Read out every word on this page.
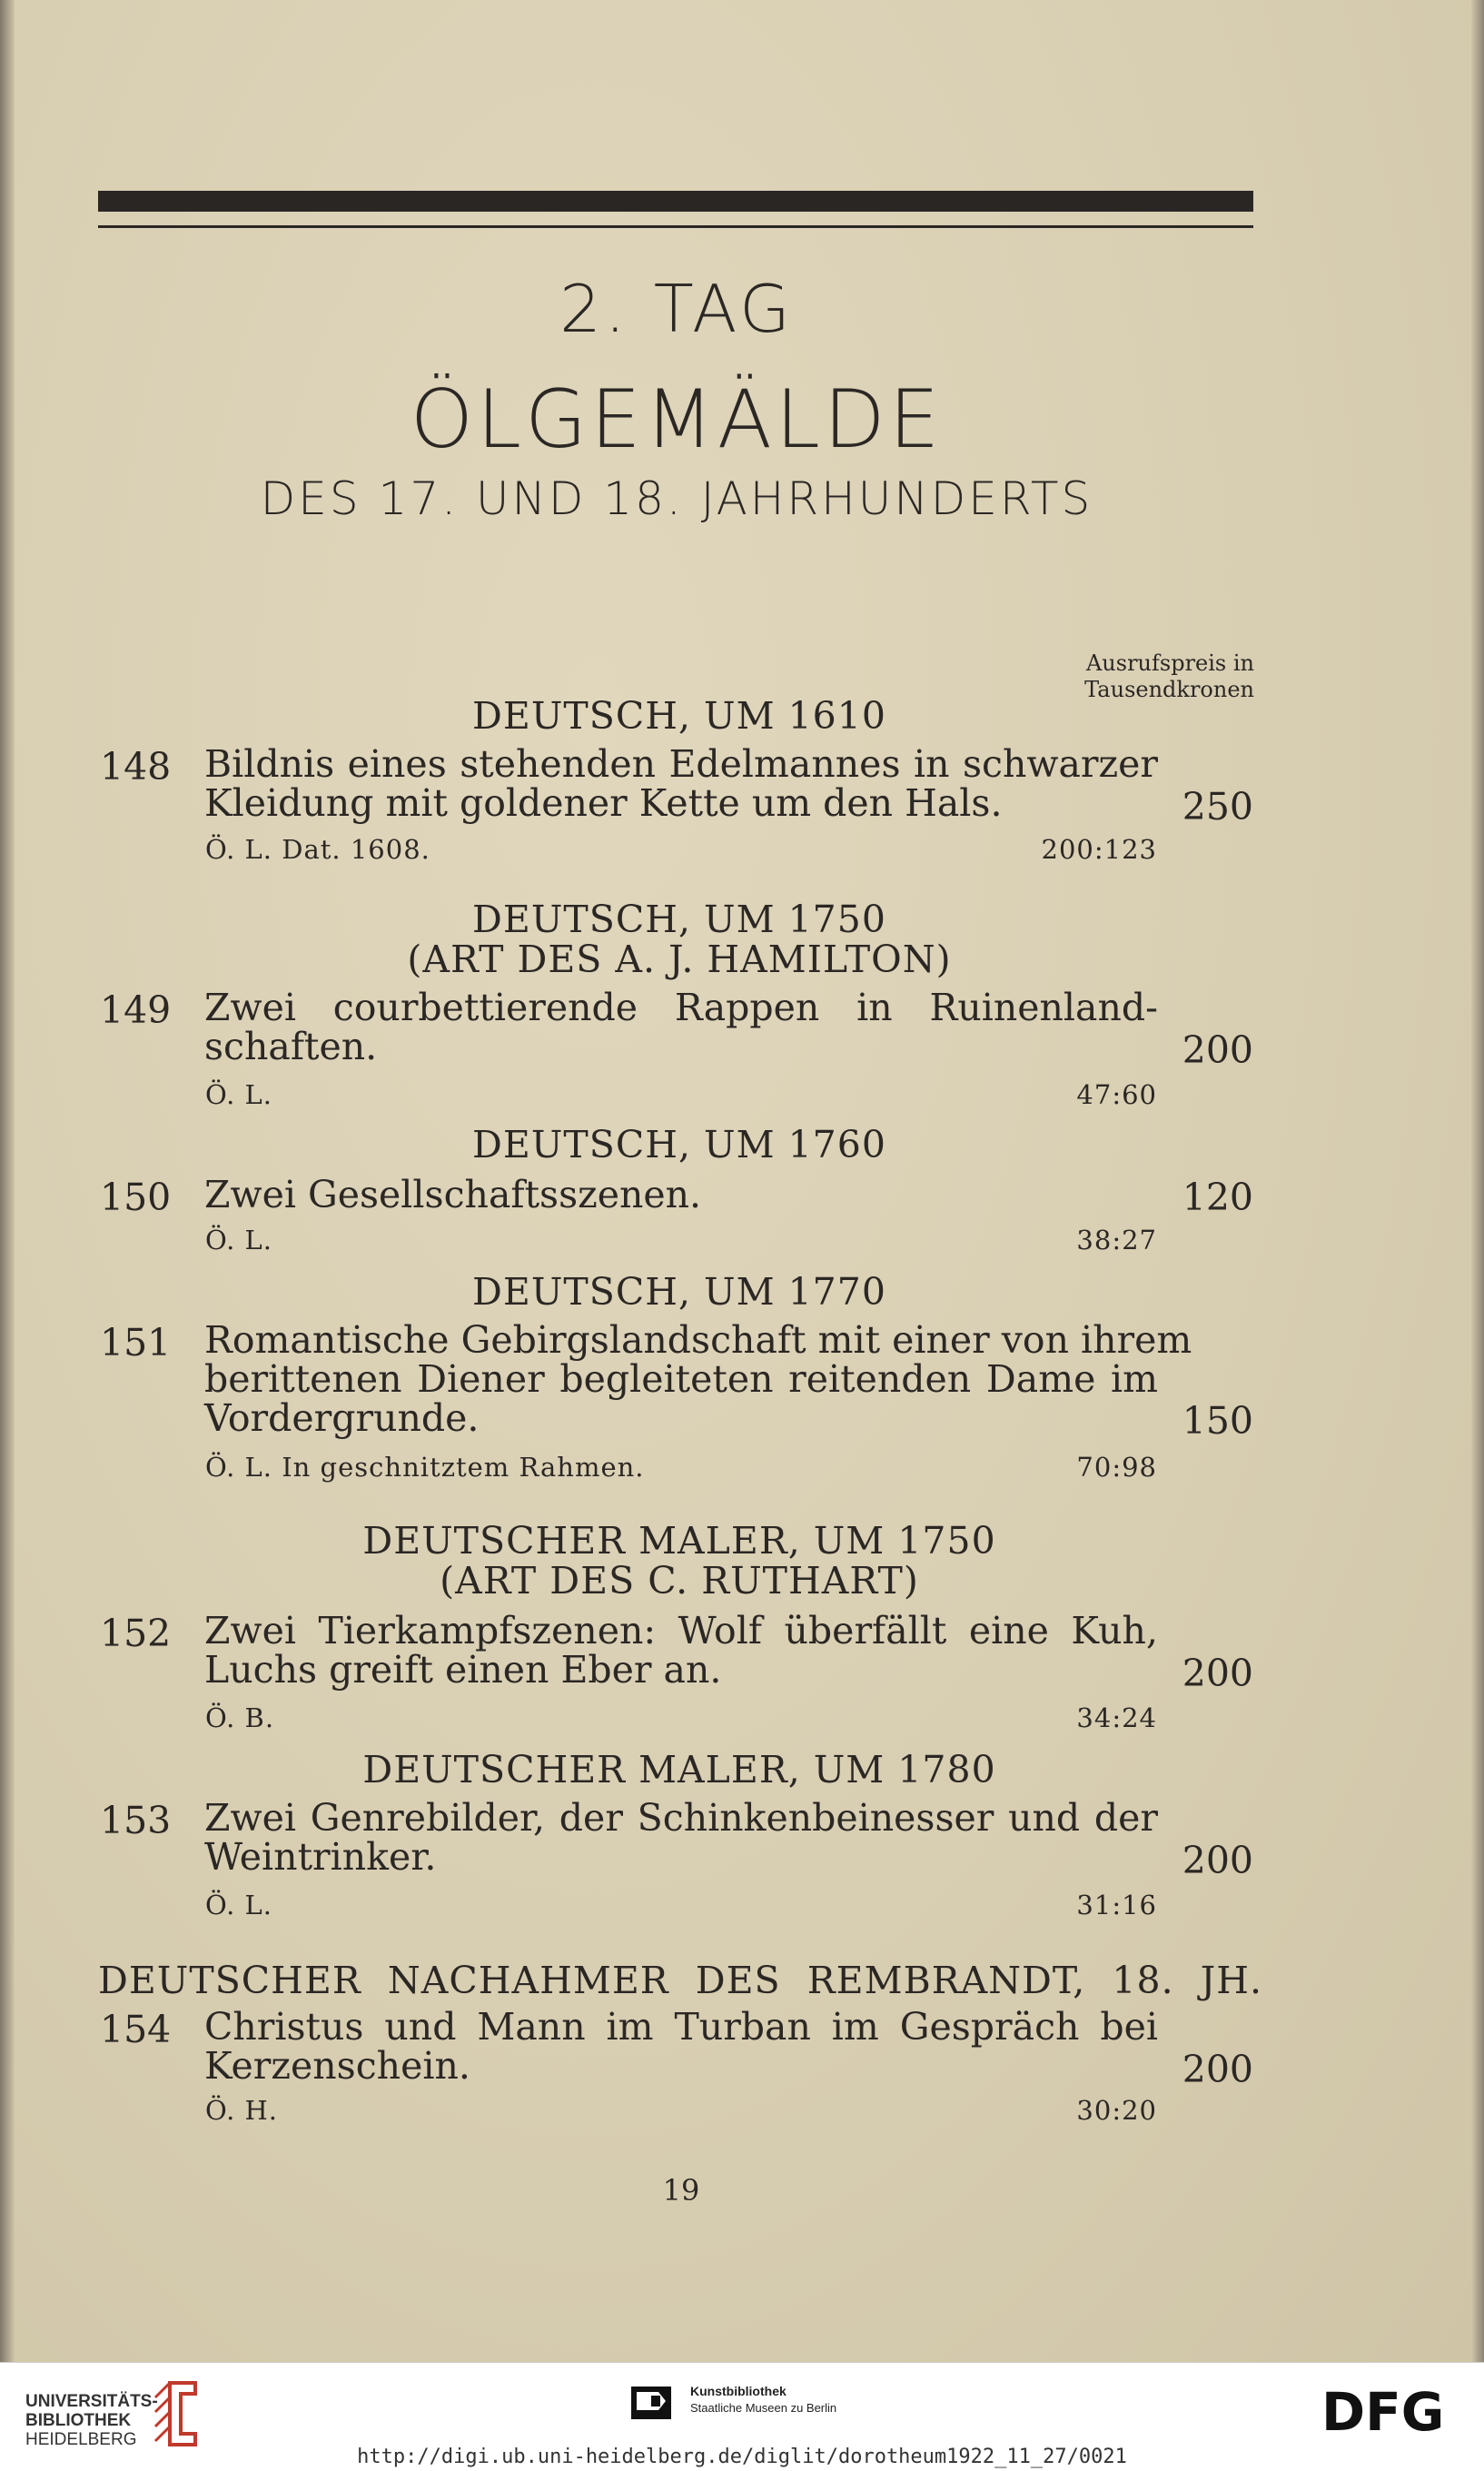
2. TAG
ÖLGEMÄLDE
DES 17. UND 18. JAHRHUNDERTS
Ausrufspreis in
Tausendkronen
DEUTSCH, UM 1610
148 Bildnis eines stehenden Edelmannes in schwarzer
Kleidung mit goldener Kette um den Hals.	250
Ö. L. Dat. 1608.	200:123
DEUTSCH, UM 1750
(ART DES A. J. HAMILTON)
149 Zwei courbettierende Rappen in Ruinenland-
schaften.	200
Ö. L.	47:60
DEUTSCH, UM 1760
150 Zwei Gesellschaftsszenen.	120
Ö. L.	38:27
DEUTSCH, UM 1770
151 Romantische Gebirgslandschaft mit einer von ihrem
berittenen Diener begleiteten reitenden Dame im
Vordergrunde.	150
Ö. L. In geschnitztem Rahmen.	70:98
DEUTSCHER MALER, UM 1750
(ART DES C. RUTHART)
152 Zwei Tierkampfszenen: Wolf überfällt eine Kuh,
Luchs greift einen Eber an.	200
Ö. B.	34:24
DEUTSCHER MALER, UM 1780
153 Zwei Genrebilder, der Schinkenbeinesser und der
Weintrinker.	200
Ö. L.	31:16
DEUTSCHER NACHAHMER DES REMBRANDT, 18. JH.
154 Christus und Mann im Turban im Gespräch bei
Kerzenschein.	200
Ö. H.	30:20
19
UNIVERSITÄTS-
BIBLIOTHEK
HEIDELBERG
Kunstbibliothek
Staatliche Museen zu Berlin	DFG
http://digi.ub.uni-heidelberg.de/diglit/dorotheum1922_11_27/0021
